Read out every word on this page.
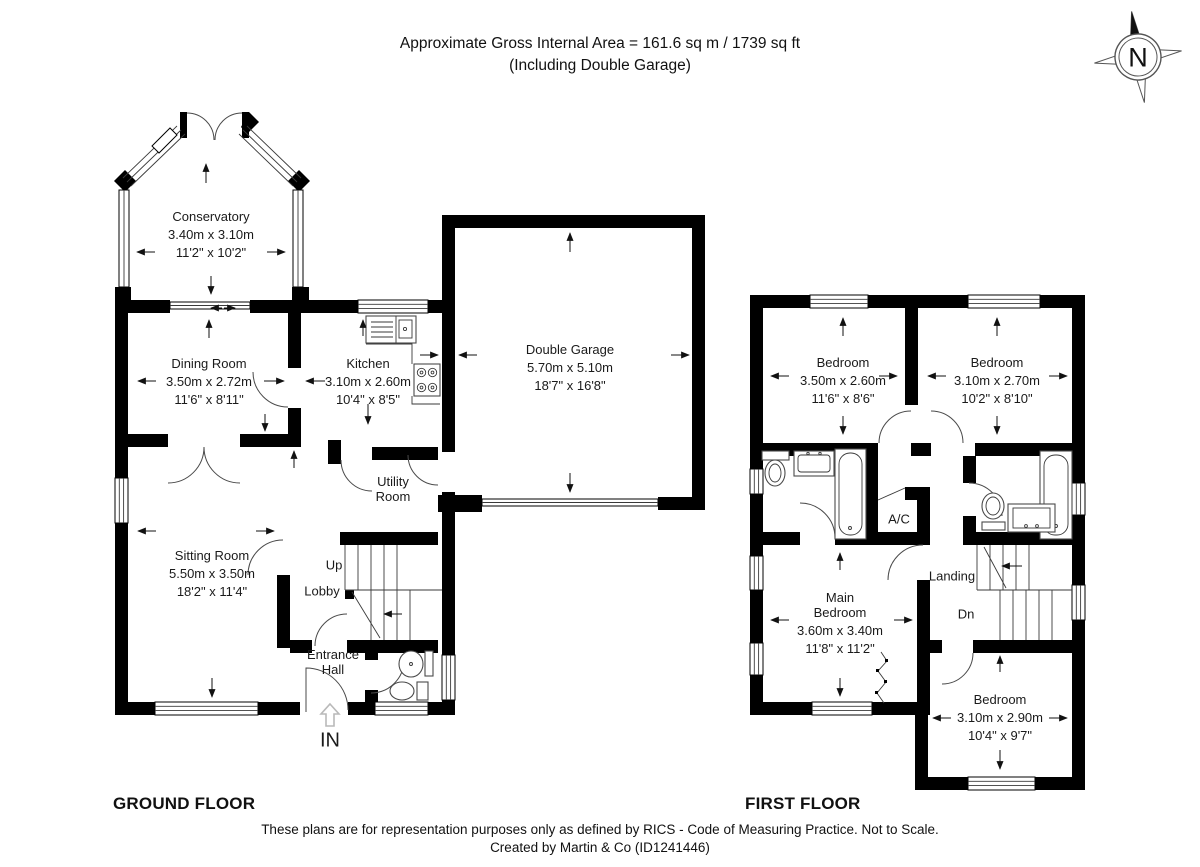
Approximate Gross Internal Area = 161.6 sq m / 1739 sq ft
(Including Double Garage)	N
Conservatory
3.40m x 3.10m
11'2" x 10'2"
Dining Room
3.50m x 2.72m
11'6" x 8'11"
Kitchen
3.10m x 2.60m
10'4" x 8'5"
Double Garage
5.70m x 5.10m
18'7" x 16'8"
Sitting Room
5.50m x 3.50m
18'2" x 11'4"
Utility Room
Up
Lobby
Entrance Hall
IN
Bedroom
3.50m x 2.60m
11'6" x 8'6"
Bedroom
3.10m x 2.70m
10'2" x 8'10"
Main Bedroom
3.60m x 3.40m
11'8" x 11'2"
Bedroom
3.10m x 2.90m
10'4" x 9'7"
Landing
Dn
A/C
GROUND FLOOR	FIRST FLOOR
These plans are for representation purposes only as defined by RICS - Code of Measuring Practice. Not to Scale.
Created by Martin & Co (ID1241446)
